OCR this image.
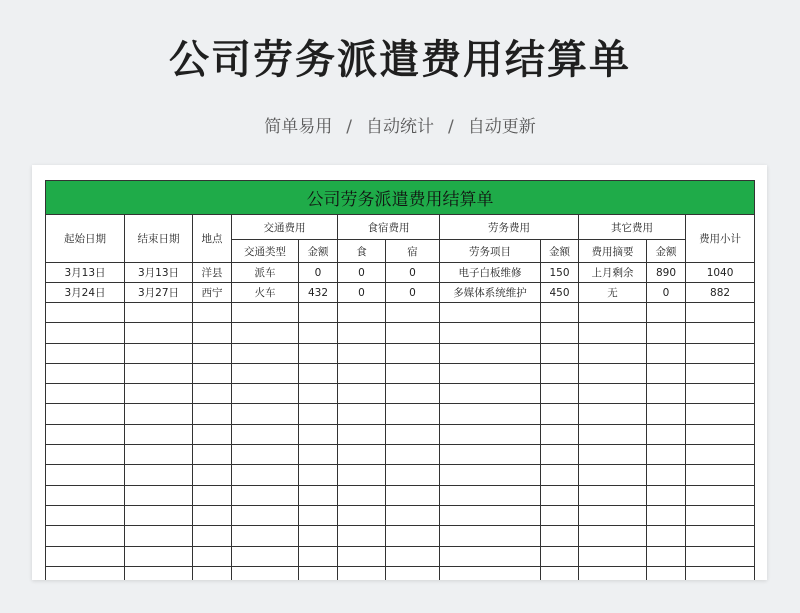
公司劳务派遣费用结算单
简单易用 / 自动统计 / 自动更新
公司劳务派遣费用结算单											
起始日期	结束日期	地点	交通费用		食宿费用		劳务费用		其它费用		费用小计
			交通类型	金额	食	宿	劳务项目	金额	费用摘要	金额	
3月13日	3月13日	洋县	派车	0	0	0	电子白板维修	150	上月剩余	890	1040
3月24日	3月27日	西宁	火车	432	0	0	多媒体系统维护	450	无	0	882
